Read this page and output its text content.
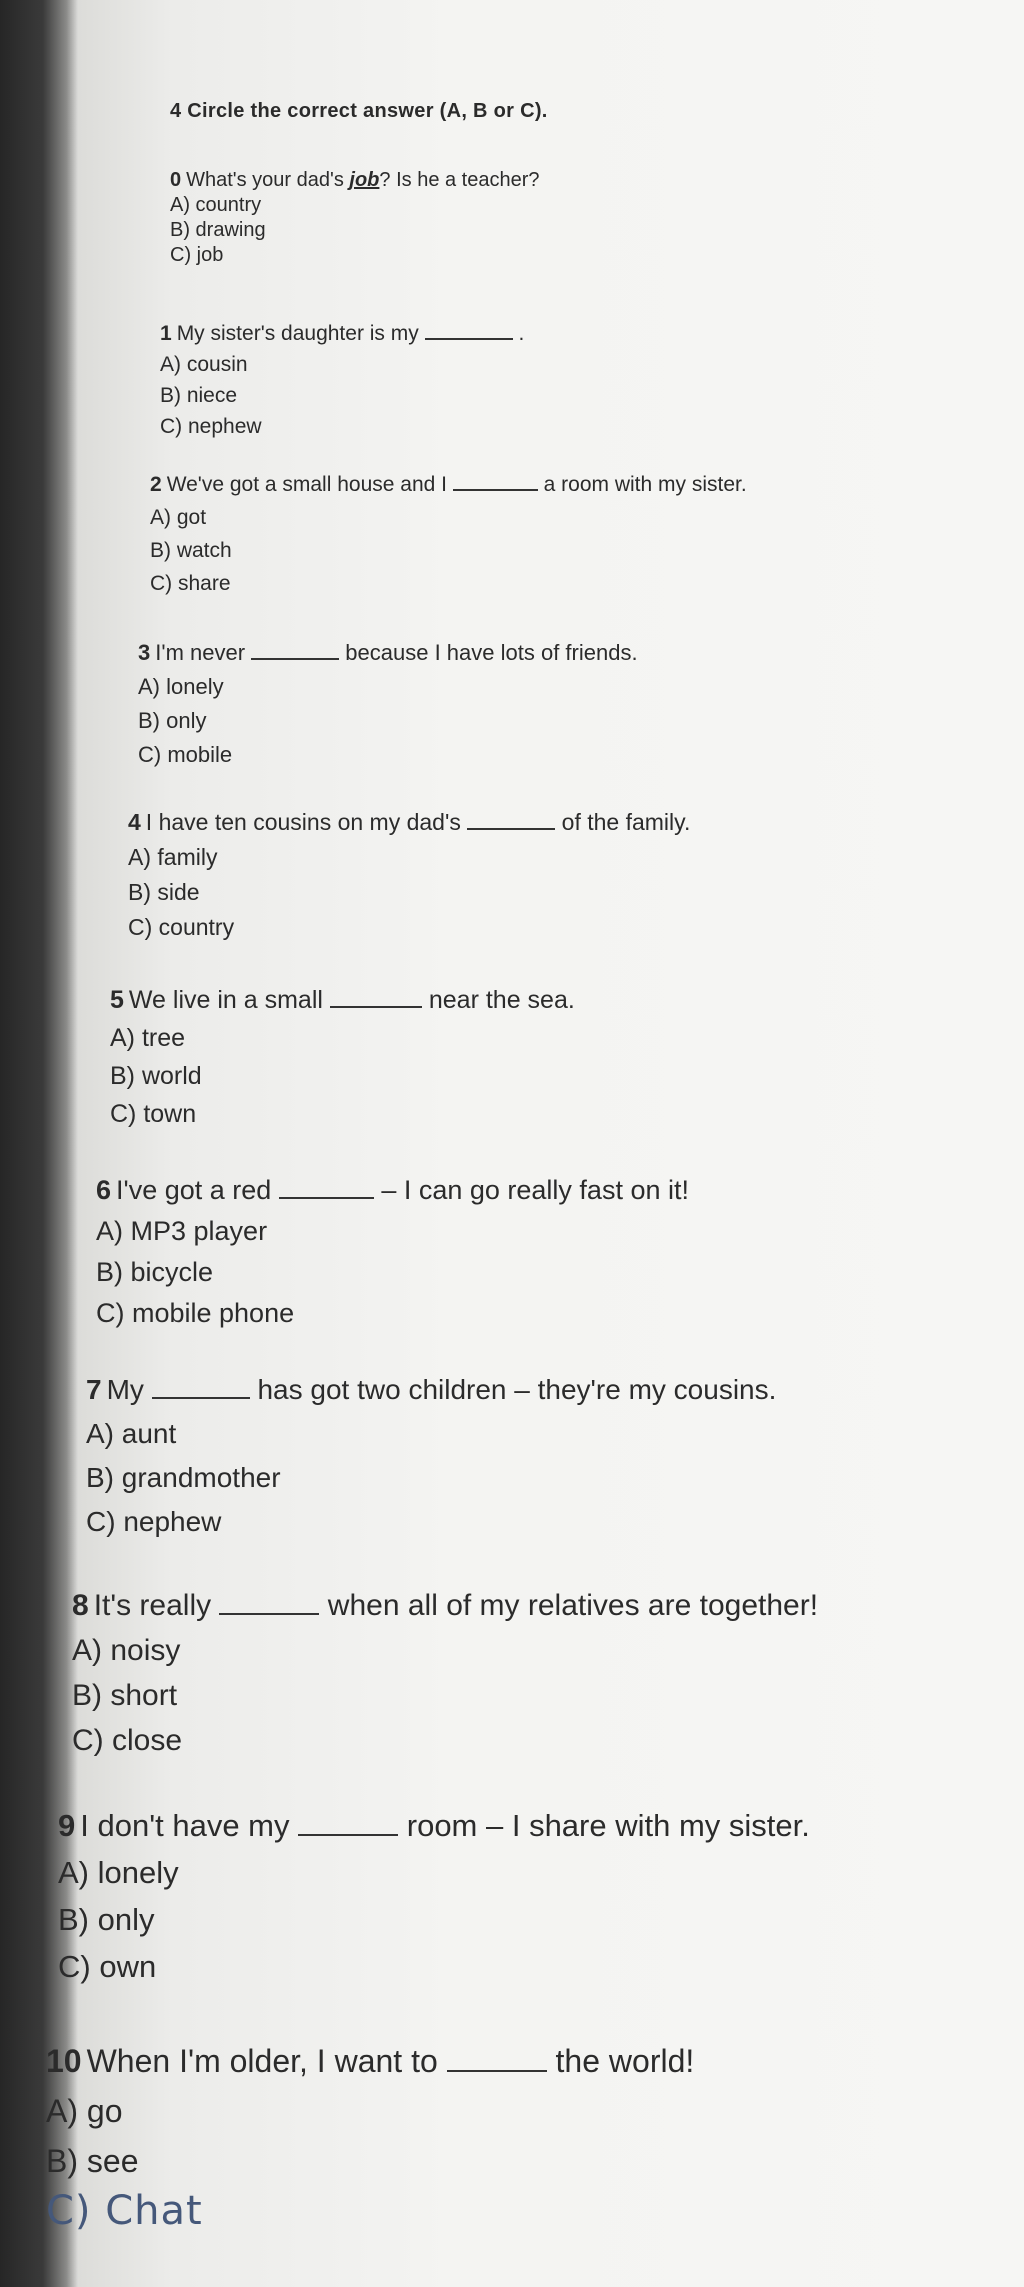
4 Circle the correct answer (A, B or C).
0 What's your dad's job? Is he a teacher?
A) country
B) drawing
C) job
1 My sister's daughter is my	.
A) cousin
B) niece
C) nephew
2 We've got a small house and I	a room with my sister.
A) got
B) watch
C) share
3 I'm never	because I have lots of friends.
A) lonely
B) only
C) mobile
4 I have ten cousins on my dad's	of the family.
A) family
B) side
C) country
5 We live in a small	near the sea.
A) tree
B) world
C) town
6 I've got a red	– I can go really fast on it!
A) MP3 player
B) bicycle
C) mobile phone
7 My	has got two children – they're my cousins.
A) aunt
B) grandmother
C) nephew
8 It's really	when all of my relatives are together!
A) noisy
B) short
C) close
9 I don't have my	room – I share with my sister.
A) lonely
B) only
C) own
10 When I'm older, I want to	the world!
A) go
B) see
C) Chat
